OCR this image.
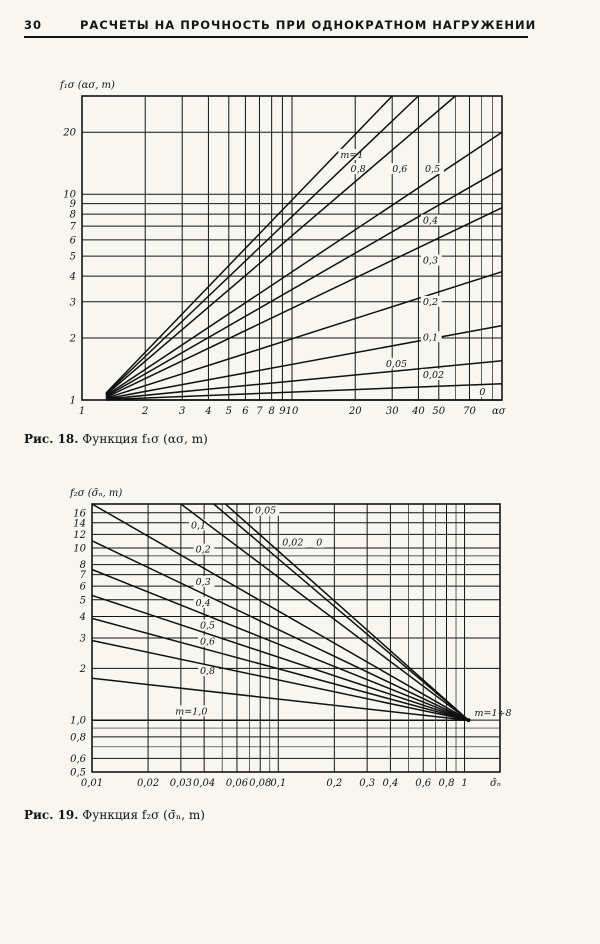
30	РАСЧЕТЫ НА ПРОЧНОСТЬ ПРИ ОДНОКРАТНОМ НАГРУЖЕНИИ
1	2	3 4 5 6 7 8 9 10	20 30 40 50 70
1
2
3
4
5
6
7
8
9
10
20
f₁σ (ασ, m)
ασ
m=1
0,8	0,6 0,5
0,4
0,3
0,2
0,1
0,05
0,02
0
Рис. 18. Функция f₁σ (ασ, m)
0,01	0,02 0,03 0,04 0,06 0,08
0,1	0,2 0,3 0,4 0,6 0,8 1
0,5
0,6
0,8
1,0
2
3
4
5
6
7
8
10
12
14
16
f₂σ (σ̄ₙ, m)
σ̄ₙ
m=1,0
0,8
0,6
0,5
0,4
0,3
0,2
0,1
0,05
0,02 0
m=1÷8
Рис. 19. Функция f₂σ (σ̄ₙ, m)
